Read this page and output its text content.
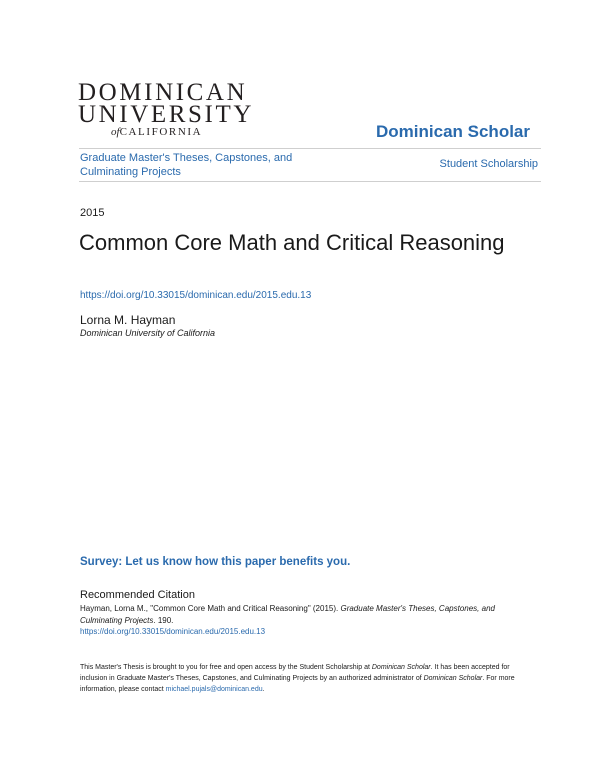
DOMINICAN
UNIVERSITY
ofCALIFORNIA	Dominican Scholar
Graduate Master's Theses, Capstones, and Culminating Projects
Student Scholarship
2015
Common Core Math and Critical Reasoning
https://doi.org/10.33015/dominican.edu/2015.edu.13
Lorna M. Hayman
Dominican University of California
Survey: Let us know how this paper benefits you.
Recommended Citation
Hayman, Lorna M., "Common Core Math and Critical Reasoning" (2015). Graduate Master's Theses, Capstones, and Culminating Projects. 190.
https://doi.org/10.33015/dominican.edu/2015.edu.13
This Master's Thesis is brought to you for free and open access by the Student Scholarship at Dominican Scholar. It has been accepted for inclusion in Graduate Master's Theses, Capstones, and Culminating Projects by an authorized administrator of Dominican Scholar. For more information, please contact michael.pujals@dominican.edu.
